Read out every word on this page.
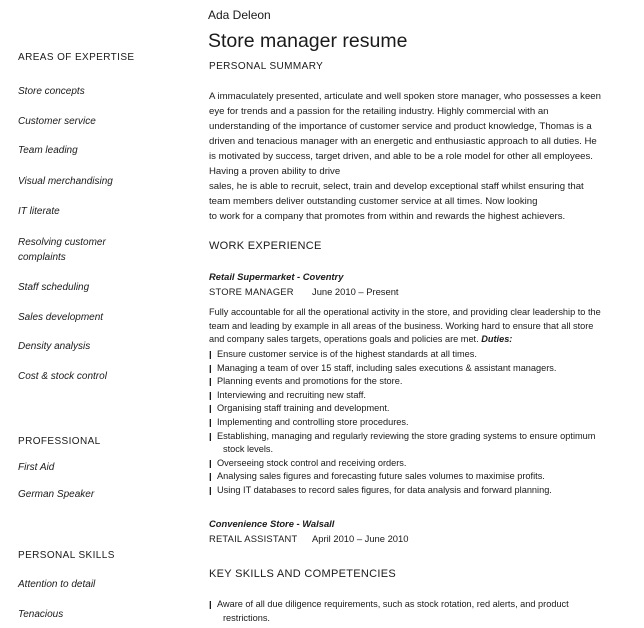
Ada Deleon
Store manager resume
AREAS OF EXPERTISE
Store concepts
Customer service
Team leading
Visual merchandising
IT literate
Resolving customer
complaints
Staff scheduling
Sales development
Density analysis
Cost & stock control
PROFESSIONAL
First Aid
German Speaker
PERSONAL SKILLS
Attention to detail
Tenacious
PERSONAL SUMMARY
A immaculately presented, articulate and well spoken store manager, who possesses a keen
eye for trends and a passion for the retailing industry. Highly commercial with an
understanding of the importance of customer service and product knowledge, Thomas is a
driven and tenacious manager with an energetic and enthusiastic approach to all duties. He
is motivated by success, target driven, and able to be a role model for other all employees.
Having a proven ability to drive
sales, he is able to recruit, select, train and develop exceptional staff whilst ensuring that
team members deliver outstanding customer service at all times. Now looking
to work for a company that promotes from within and rewards the highest achievers.
WORK EXPERIENCE
Retail Supermarket - Coventry
STORE MANAGER June 2010 – Present
Fully accountable for all the operational activity in the store, and providing clear leadership to the
team and leading by example in all areas of the business. Working hard to ensure that all store
and company sales targets, operations goals and policies are met. Duties:
❙ Ensure customer service is of the highest standards at all times.
❙ Managing a team of over 15 staff, including sales executions & assistant managers.
❙ Planning events and promotions for the store.
❙ Interviewing and recruiting new staff.
❙ Organising staff training and development.
❙ Implementing and controlling store procedures.
❙ Establishing, managing and regularly reviewing the store grading systems to ensure optimum
stock levels.
❙ Overseeing stock control and receiving orders.
❙ Analysing sales figures and forecasting future sales volumes to maximise profits.
❙ Using IT databases to record sales figures, for data analysis and forward planning.
Convenience Store - Walsall
RETAIL ASSISTANT April 2010 – June 2010
KEY SKILLS AND COMPETENCIES
❙ Aware of all due diligence requirements, such as stock rotation, red alerts, and product
restrictions.
